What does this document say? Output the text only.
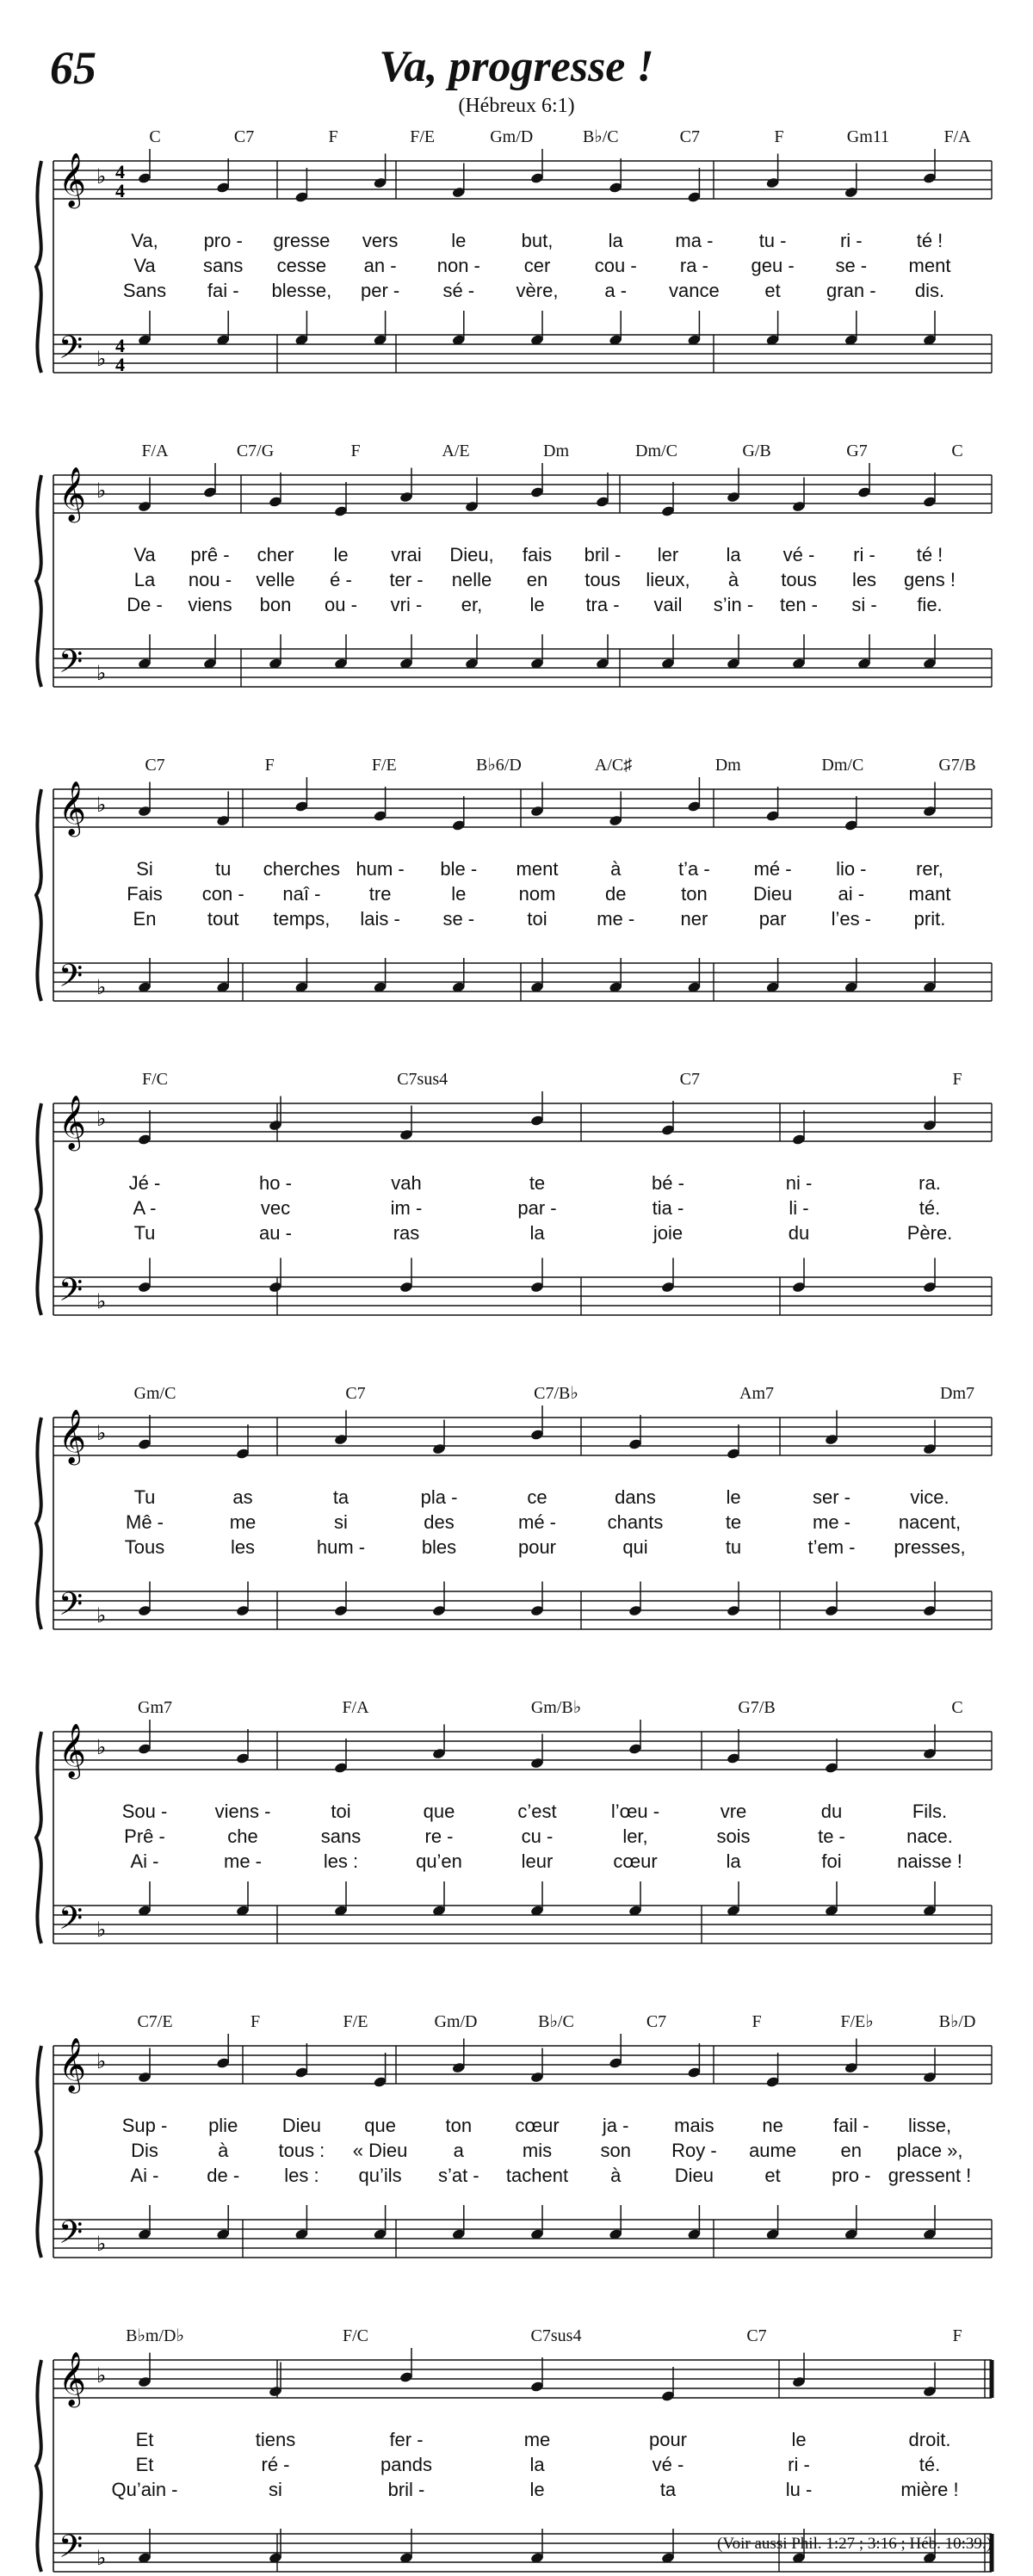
65	Va, progresse !
(Hébreux 6:1)
𝄞
𝄢
♭
♭
4
4
4
4
C	C7	F	F/E	Gm/D	B♭/C	C7	F	Gm11	F/A
Va, pro - gresse vers	le	but,	la	ma - tu -	ri -	té !
Va	sans cesse an - non - cer cou - ra - geu - se - ment
Sans fai - blesse, per - sé - vère, a - vance et gran - dis.
𝄞
𝄢
♭
♭
F/A	C7/G	F	A/E	Dm	Dm/C	G/B	G7	C
Va prê - cher le vrai Dieu, fais bril - ler	la vé - ri - té !
La nou - velle é - ter - nelle en tous lieux, à tous les gens !
De - viens bon ou - vri - er,	le tra - vail s’in - ten - si - fie.
𝄞
𝄢
♭
♭
C7	F	F/E	B♭6/D	A/C♯	Dm	Dm/C	G7/B
Si	tu cherches hum - ble - ment	à	t’a - mé - lio -	rer,
Fais con - naî -	tre	le	nom	de	ton Dieu ai - mant
En	tout temps, lais - se -	toi	me - ner	par l’es - prit.
𝄞
𝄢
♭
♭
F/C	C7sus4	C7	F
Jé -	ho -	vah	te	bé -	ni -	ra.
A -	vec	im -	par -	tia -	li -	té.
Tu	au -	ras	la	joie	du	Père.
𝄞
𝄢
♭
♭
Gm/C	C7	C7/B♭	Am7	Dm7
Tu	as	ta	pla -	ce	dans	le	ser -	vice.
Mê -	me	si	des	mé -	chants	te	me -	nacent,
Tous	les	hum -	bles	pour	qui	tu	t’em - presses,
𝄞
𝄢
♭
♭
Gm7	F/A	Gm/B♭	G7/B	C
Sou -	viens -	toi	que	c’est	l’œu -	vre	du	Fils.
Prê -	che	sans	re -	cu -	ler,	sois	te -	nace.
Ai -	me -	les :	qu’en	leur	cœur	la	foi	naisse !
𝄞
𝄢
♭
♭
C7/E	F	F/E	Gm/D	B♭/C	C7	F	F/E♭	B♭/D
Sup - plie Dieu que	ton cœur ja - mais	ne	fail - lisse,
Dis	à	tous : « Dieu a	mis	son Roy - aume en place »,
Ai -	de - les : qu’ils s’at - tachent à	Dieu	et	pro - gressent !
𝄞
𝄢
♭
♭
B♭m/D♭	F/C	C7sus4	C7	F
Et	tiens	fer -	me	pour	le	droit.
Et	ré -	pands	la	vé -	ri -	té.
Qu’ain -	si	bril -	le	ta	lu -	mière !
(Voir aussi Phil. 1:27 ; 3:16 ; Héb. 10:39.)
